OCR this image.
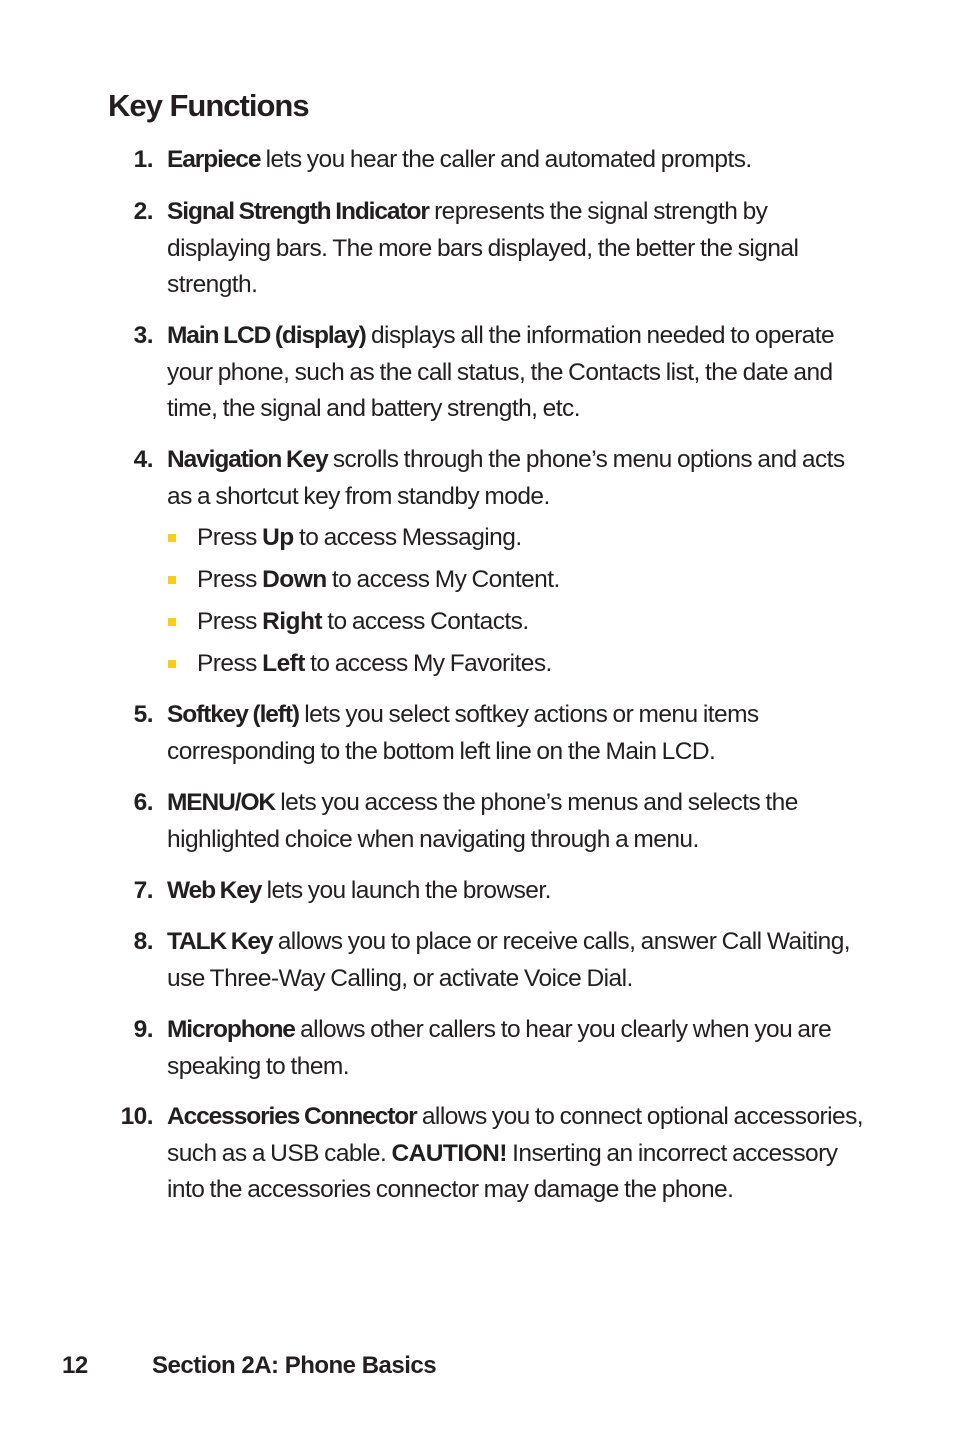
Key Functions
1. Earpiece lets you hear the caller and automated prompts.
2. Signal Strength Indicator represents the signal strength by displaying bars. The more bars displayed, the better the signal strength.
3. Main LCD (display) displays all the information needed to operate your phone, such as the call status, the Contacts list, the date and time, the signal and battery strength, etc.
4. Navigation Key scrolls through the phone’s menu options and acts as a shortcut key from standby mode.
Press Up to access Messaging.
Press Down to access My Content.
Press Right to access Contacts.
Press Left to access My Favorites.
5. Softkey (left) lets you select softkey actions or menu items corresponding to the bottom left line on the Main LCD.
6. MENU/OK lets you access the phone’s menus and selects the highlighted choice when navigating through a menu.
7. Web Key lets you launch the browser.
8. TALK Key allows you to place or receive calls, answer Call Waiting, use Three-Way Calling, or activate Voice Dial.
9. Microphone allows other callers to hear you clearly when you are speaking to them.
10. Accessories Connector allows you to connect optional accessories, such as a USB cable. CAUTION! Inserting an incorrect accessory into the accessories connector may damage the phone.
12	Section 2A: Phone Basics
